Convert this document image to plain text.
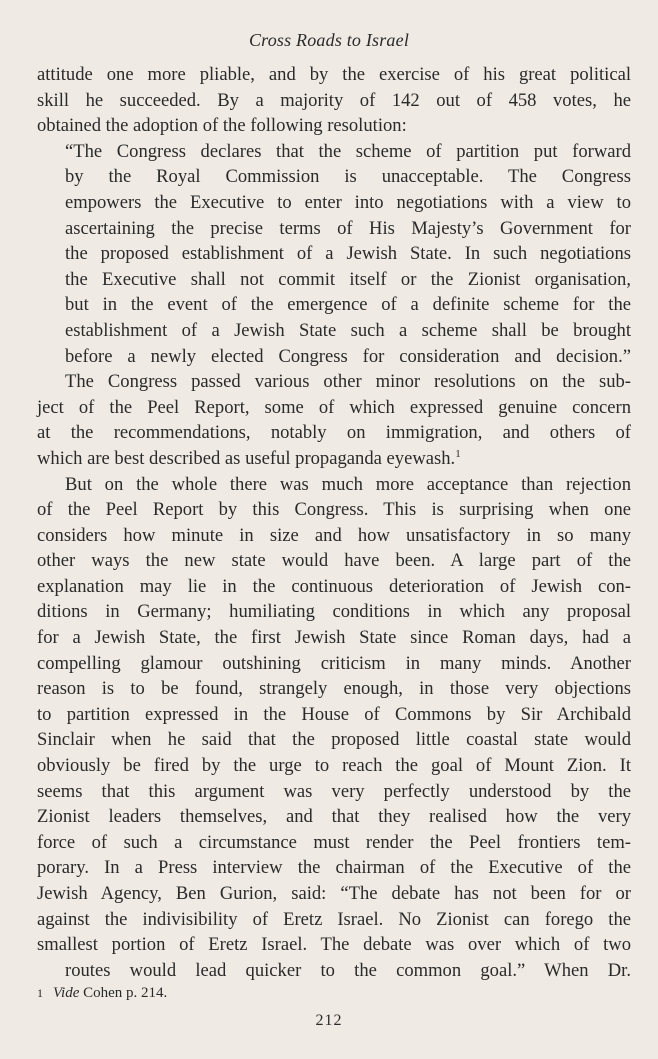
Cross Roads to Israel
attitude one more pliable, and by the exercise of his great political
skill he succeeded. By a majority of 142 out of 458 votes, he
obtained the adoption of the following resolution:
“The Congress declares that the scheme of partition put forward
by the Royal Commission is unacceptable. The Congress
empowers the Executive to enter into negotiations with a view to
ascertaining the precise terms of His Majesty’s Government for
the proposed establishment of a Jewish State. In such negotiations
the Executive shall not commit itself or the Zionist organisation,
but in the event of the emergence of a definite scheme for the
establishment of a Jewish State such a scheme shall be brought
before a newly elected Congress for consideration and decision.”
The Congress passed various other minor resolutions on the sub-
ject of the Peel Report, some of which expressed genuine concern
at the recommendations, notably on immigration, and others of
which are best described as useful propaganda eyewash.$^1$
But on the whole there was much more acceptance than rejection
of the Peel Report by this Congress. This is surprising when one
considers how minute in size and how unsatisfactory in so many
other ways the new state would have been. A large part of the
explanation may lie in the continuous deterioration of Jewish con-
ditions in Germany; humiliating conditions in which any proposal
for a Jewish State, the first Jewish State since Roman days, had a
compelling glamour outshining criticism in many minds. Another
reason is to be found, strangely enough, in those very objections
to partition expressed in the House of Commons by Sir Archibald
Sinclair when he said that the proposed little coastal state would
obviously be fired by the urge to reach the goal of Mount Zion. It
seems that this argument was very perfectly understood by the
Zionist leaders themselves, and that they realised how the very
force of such a circumstance must render the Peel frontiers tem-
porary. In a Press interview the chairman of the Executive of the
Jewish Agency, Ben Gurion, said: “The debate has not been for or
against the indivisibility of Eretz Israel. No Zionist can forego the
smallest portion of Eretz Israel. The debate was over which of two
routes would lead quicker to the common goal.” When Dr.
1 Vide Cohen p. 214.
212
